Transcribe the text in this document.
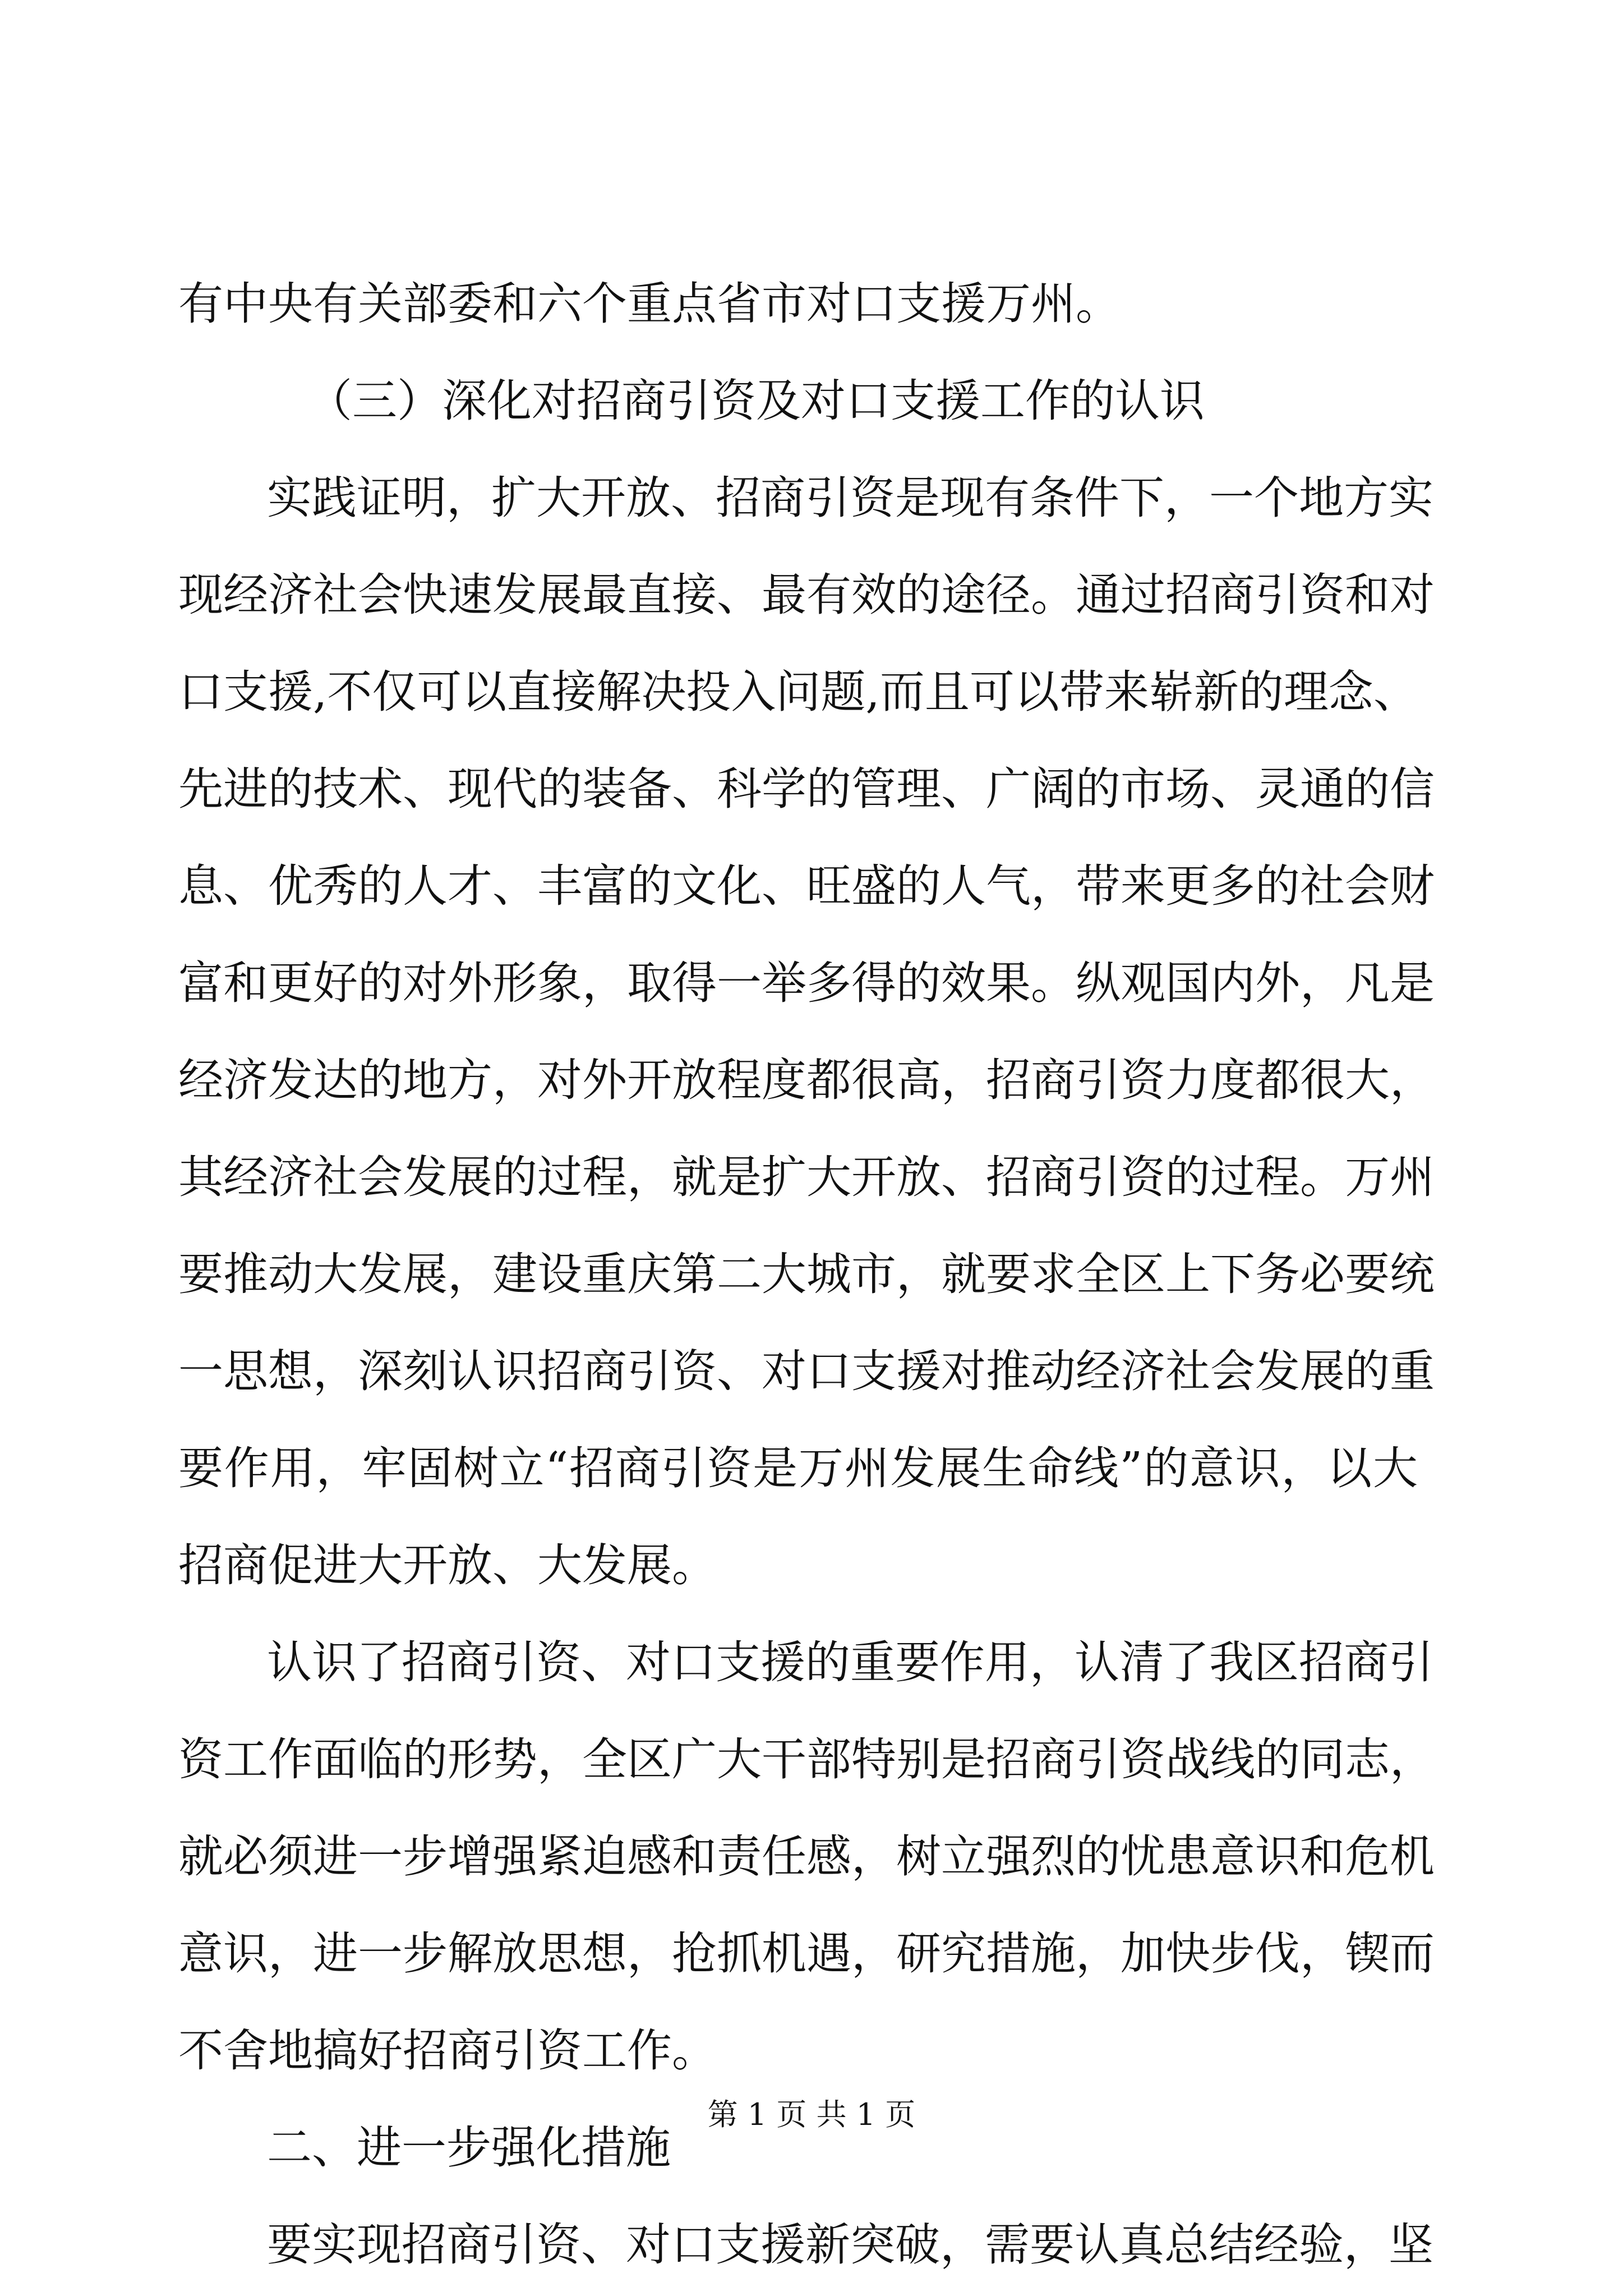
有中央有关部委和六个重点省市对口支援万州。
（三）深化对招商引资及对口支援工作的认识
实践证明，扩大开放、招商引资是现有条件下，一个地方实
现经济社会快速发展最直接、最有效的途径。通过招商引资和对
口支援,不仅可以直接解决投入问题,而且可以带来崭新的理念、
先进的技术、现代的装备、科学的管理、广阔的市场、灵通的信
息、优秀的人才、丰富的文化、旺盛的人气，带来更多的社会财
富和更好的对外形象，取得一举多得的效果。纵观国内外，凡是
经济发达的地方，对外开放程度都很高，招商引资力度都很大，
其经济社会发展的过程，就是扩大开放、招商引资的过程。万州
要推动大发展，建设重庆第二大城市，就要求全区上下务必要统
一思想，深刻认识招商引资、对口支援对推动经济社会发展的重
要作用，牢固树立“招商引资是万州发展生命线”的意识，以大
招商促进大开放、大发展。
认识了招商引资、对口支援的重要作用，认清了我区招商引
资工作面临的形势，全区广大干部特别是招商引资战线的同志，
就必须进一步增强紧迫感和责任感，树立强烈的忧患意识和危机
意识，进一步解放思想，抢抓机遇，研究措施，加快步伐，锲而
不舍地搞好招商引资工作。
二、进一步强化措施
要实现招商引资、对口支援新突破，需要认真总结经验，坚
第 1 页 共 1 页
